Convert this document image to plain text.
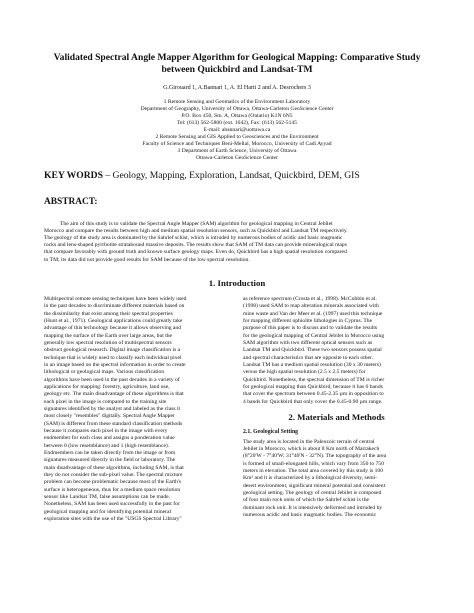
Validated Spectral Angle Mapper Algorithm for Geological Mapping: Comparative Study
between Quickbird and Landsat-TM
G.Girouard 1, A.Bannari 1, A. El Harti 2 and A. Desrochers 3
1 Remote Sensing and Geomatics of the Environment Laboratory
Department of Geography, University of Ottawa, Ottawa-Carleton GeoScience Center
P.O. Box 450, Stn. A, Ottawa (Ontario) K1N 6N5
Tel: (613) 562-5800 (ext. 1042), Fax: (613) 562-5145
E-mail: abannari@uottawa.ca
2 Remote Sensing and GIS Applied to Geosciences and the Environment
Faculty of Science and Techniques Beni-Mellal, Morocco, University of Cadi Ayyad
3 Department of Earth Science, University of Ottawa
Ottawa-Carleton GeoScience Center
KEY WORDS – Geology, Mapping, Exploration, Landsat, Quickbird, DEM, GIS
ABSTRACT:
The aim of this study is to validate the Spectral Angle Mapper (SAM) algorithm for geological mapping in Central Jebilet
Morocco and compare the results between high and medium spatial resolution sensors, such as Quickbird and Landsat TM respectively.
The geology of the study area is dominated by the Sahrlef schist, which is intruded by numerous bodies of acidic and basic magmatic
rocks and lens-shaped pyrrhotite stratabound massive deposits. The results show that SAM of TM data can provide mineralogical maps
that compare favorably with ground truth and known surface geology maps. Even do, Quickbird has a high spatial resolution compared
to TM; its data did not provide good results for SAM because of the low spectral resolution.
1. Introduction
Multispectral remote sensing techniques have been widely used
in the past decades to discriminate different materials based on
the dissimilarity that exist among their spectral properties
(Hunt et al., 1971). Geological applications could greatly take
advantage of this technology because it allows observing and
mapping the surface of the Earth over large areas, but the
generally low spectral resolution of multispectral sensors
obstruct geological research. Digital image classification is a
technique that is widely used to classify each individual pixel
in an image based on the spectral information in order to create
lithological or geological maps. Various classification
algorithms have been used in the past decades in a variety of
applications for mapping: forestry, agriculture, land use,
geology etc. The main disadvantage of these algorithms is that
each pixel in the image is compared to the training site
signatures identified by the analyst and labeled as the class it
most closely "resembles" digitally. Spectral Angle Mapper
(SAM) is different from these standard classification methods
because it compares each pixel in the image with every
endmember for each class and assigns a ponderation value
between 0 (low resemblance) and 1 (high resemblance).
Endmembers can be taken directly from the image or from
signatures measured directly in the field or laboratory. The
main disadvantage of these algorithms, including SAM, is that
they do not consider the sub-pixel value. The spectral mixture
problem can become problematic because most of the Earth's
surface is heterogeneous, thus for a medium space resolution
sensor like Landsat TM, false assumptions can be made.
Nonetheless, SAM has been used successfully in the past for
geological mapping and for identifying potential mineral
exploration sites with the use of the "USGS Spectral Library"
as reference spectrum (Crosta et al., 1998). McCubbin et al.
(1998) used SAM to map alteration minerals associated with
mine waste and Van der Meer et al. (1997) used this technique
for mapping different ophiolite lithologies in Cyprus. The
purpose of this paper is to discuss and to validate the results
for the geological mapping of Central Jebilet in Morocco using
SAM algorithm with two different optical sensors such as
Landsat TM and Quickbird. These two sensors possess spatial
and spectral characteristics that are opposite to each other.
Landsat TM has a medium spatial resolution (30 x 30 meters)
versus the high spatial resolution (2.5 x 2.5 meters) for
Quickbird. Nonetheless, the spectral dimension of TM is richer
for geological mapping than Quickbird, because it has 6 bands
that cover the spectrum between 0.45-2.35 µm in opposition to
4 bands for Quickbird that only cover the 0.45-0.90 µm range.
2. Materials and Methods
2.1. Geological Setting
The study area is located in the Paleozoic terrain of central
Jebilet in Morocco, which is about 8 Km north of Marrakech
(8°20'W - 7°40'W; 31°40'N - 32°N). The topography of the area
is formed of small-elongated hills, which vary from 350 to 750
meters in elevation. The total area covered by this study is 100
Km² and it is characterized by a lithological diversity, semi-
desert environment, significant mineral potential and consistent
geological setting. The geology of central Jebilet is composed
of four main rock units of which the Sahrlef schist is the
dominant rock unit. It is intensively deformed and intruded by
numerous acidic and basic magmatic bodies. The economic
